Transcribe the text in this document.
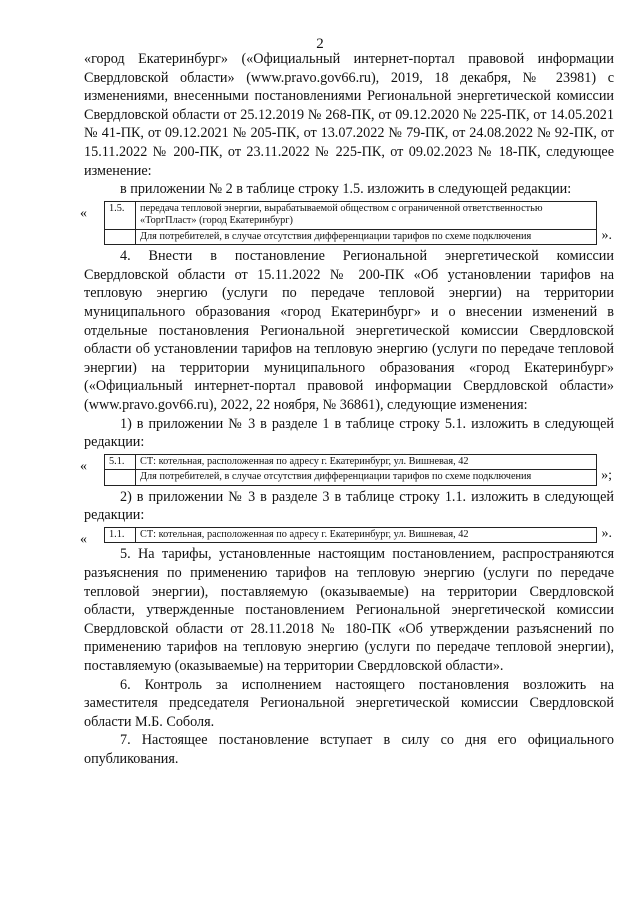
2

«город Екатеринбург» («Официальный интернет-портал правовой информации Свердловской области» (www.pravo.gov66.ru), 2019, 18 декабря, № 23981) с изменениями, внесенными постановлениями Региональной энергетической комиссии Свердловской области от 25.12.2019 № 268-ПК, от 09.12.2020 № 225-ПК, от 14.05.2021 № 41-ПК, от 09.12.2021 № 205-ПК, от 13.07.2022 № 79-ПК, от 24.08.2022 № 92-ПК, от 15.11.2022 № 200-ПК, от 23.11.2022 № 225-ПК, от 09.02.2023 № 18-ПК, следующее изменение:

в приложении № 2 в таблице строку 1.5. изложить в следующей редакции:

« 1.5.	передача тепловой энергии, вырабатываемой обществом с ограниченной ответственностью «ТоргПласт» (город Екатеринбург)
	Для потребителей, в случае отсутствия дифференциации тарифов по схеме подключения	».

4. Внести в постановление Региональной энергетической комиссии Свердловской области от 15.11.2022 № 200-ПК «Об установлении тарифов на тепловую энергию (услуги по передаче тепловой энергии) на территории муниципального образования «город Екатеринбург» и о внесении изменений в отдельные постановления Региональной энергетической комиссии Свердловской области об установлении тарифов на тепловую энергию (услуги по передаче тепловой энергии) на территории муниципального образования «город Екатеринбург» («Официальный интернет-портал правовой информации Свердловской области» (www.pravo.gov66.ru), 2022, 22 ноября, № 36861), следующие изменения:

1) в приложении № 3 в разделе 1 в таблице строку 5.1. изложить в следующей редакции:

« 5.1.	СТ: котельная, расположенная по адресу г. Екатеринбург, ул. Вишневая, 42
	Для потребителей, в случае отсутствия дифференциации тарифов по схеме подключения	»;

2) в приложении № 3 в разделе 3 в таблице строку 1.1. изложить в следующей редакции:

« 1.1.	СТ: котельная, расположенная по адресу г. Екатеринбург, ул. Вишневая, 42	».

5. На тарифы, установленные настоящим постановлением, распространяются разъяснения по применению тарифов на тепловую энергию (услуги по передаче тепловой энергии), поставляемую (оказываемые) на территории Свердловской области, утвержденные постановлением Региональной энергетической комиссии Свердловской области от 28.11.2018 № 180-ПК «Об утверждении разъяснений по применению тарифов на тепловую энергию (услуги по передаче тепловой энергии), поставляемую (оказываемые) на территории Свердловской области».

6. Контроль за исполнением настоящего постановления возложить на заместителя председателя Региональной энергетической комиссии Свердловской области М.Б. Соболя.

7. Настоящее постановление вступает в силу со дня его официального опубликования.
